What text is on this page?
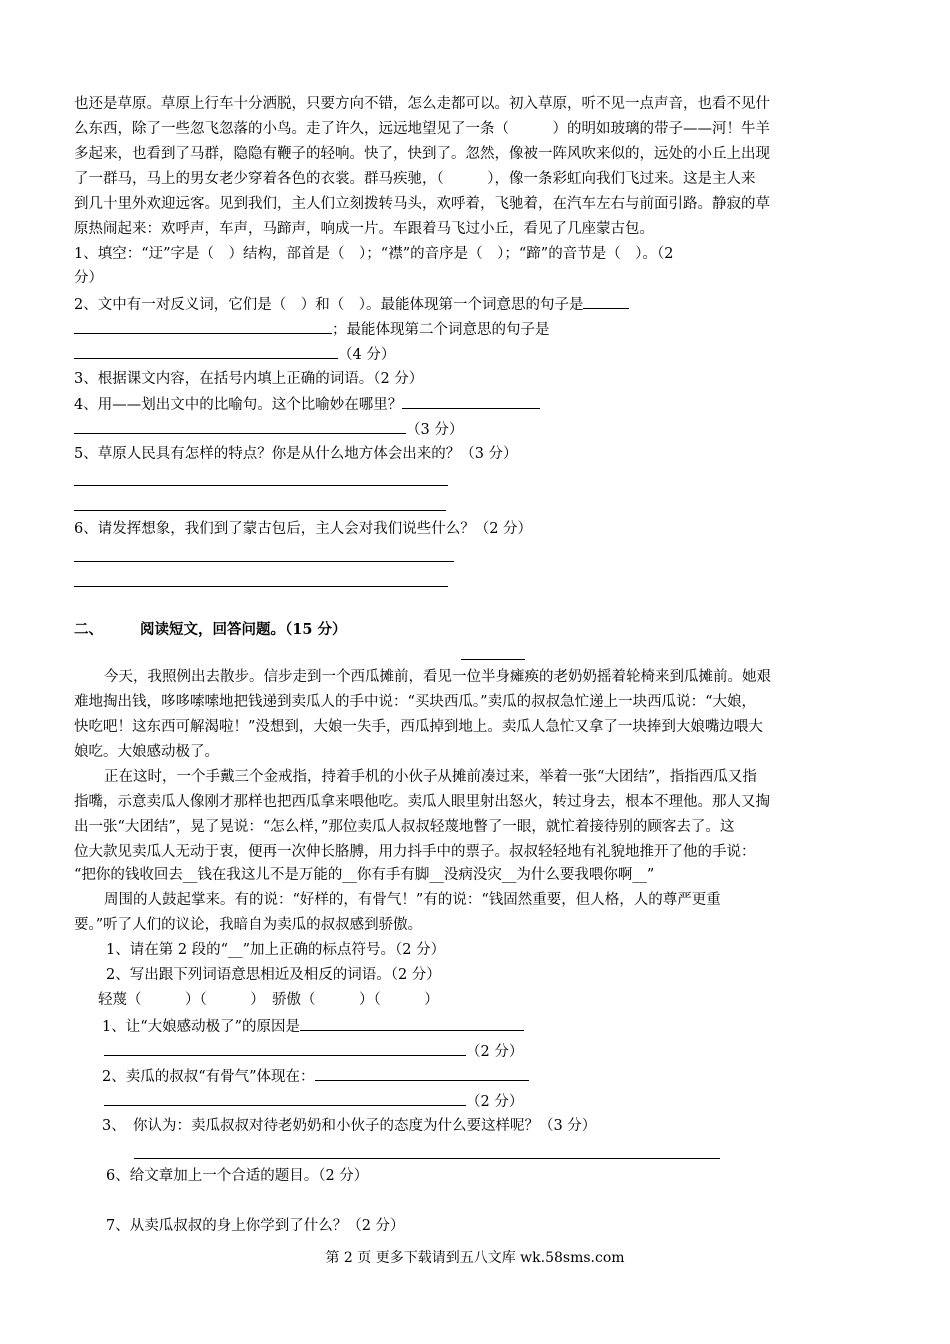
也还是草原。草原上行车十分洒脱，只要方向不错，怎么走都可以。初入草原，听不见一点声音，也看不见什
么东西，除了一些忽飞忽落的小鸟。走了许久，远远地望见了一条（　　　）的明如玻璃的带子——河！牛羊
多起来，也看到了马群，隐隐有鞭子的轻响。快了，快到了。忽然，像被一阵风吹来似的，远处的小丘上出现
了一群马，马上的男女老少穿着各色的衣裳。群马疾驰，（　　　），像一条彩虹向我们飞过来。这是主人来
到几十里外欢迎远客。见到我们，主人们立刻拨转马头，欢呼着，飞驰着，在汽车左右与前面引路。静寂的草
原热闹起来：欢呼声，车声，马蹄声，响成一片。车跟着马飞过小丘，看见了几座蒙古包。
1、填空：“迂”字是（　）结构，部首是（　）；“襟”的音序是（　）；“蹄”的音节是（　）。（2
分）
2、文中有一对反义词，它们是（　）和（　）。最能体现第一个词意思的句子是
；最能体现第二个词意思的句子是
（4 分）
3、根据课文内容，在括号内填上正确的词语。（2 分）
4、用——划出文中的比喻句。这个比喻妙在哪里？
（3 分）
5、草原人民具有怎样的特点？你是从什么地方体会出来的？（3 分）
6、请发挥想象，我们到了蒙古包后，主人会对我们说些什么？（2 分）
二、	阅读短文，回答问题。（15 分）
今天，我照例出去散步。信步走到一个西瓜摊前，看见一位半身瘫痪的老奶奶摇着轮椅来到瓜摊前。她艰
难地掏出钱，哆哆嗦嗦地把钱递到卖瓜人的手中说：“买块西瓜。”卖瓜的叔叔急忙递上一块西瓜说：“大娘，
快吃吧！这东西可解渴啦！”没想到，大娘一失手，西瓜掉到地上。卖瓜人急忙又拿了一块捧到大娘嘴边喂大
娘吃。大娘感动极了。
正在这时，一个手戴三个金戒指，持着手机的小伙子从摊前凑过来，举着一张“大团结”，指指西瓜又指
指嘴，示意卖瓜人像刚才那样也把西瓜拿来喂他吃。卖瓜人眼里射出怒火，转过身去，根本不理他。那人又掏
出一张“大团结”，晃了晃说：“怎么样，”那位卖瓜人叔叔轻蔑地瞥了一眼，就忙着接待别的顾客去了。这
位大款见卖瓜人无动于衷，便再一次伸长胳膊，用力抖手中的票子。叔叔轻轻地有礼貌地推开了他的手说：
“把你的钱收回去__钱在我这儿不是万能的__你有手有脚__没病没灾__为什么要我喂你啊__”
周围的人鼓起掌来。有的说：“好样的，有骨气！”有的说：“钱固然重要，但人格，人的尊严更重
要。”听了人们的议论，我暗自为卖瓜的叔叔感到骄傲。
1、请在第 2 段的“__”加上正确的标点符号。（2 分）
2、写出跟下列词语意思相近及相反的词语。（2 分）
轻蔑（　　　）（　　　）　骄傲（　　　）（　　　）
1、让“大娘感动极了”的原因是
（2 分）
2、卖瓜的叔叔“有骨气”体现在：
（2 分）
3、　你认为：卖瓜叔叔对待老奶奶和小伙子的态度为什么要这样呢？（3 分）
6、给文章加上一个合适的题目。（2 分）
7、从卖瓜叔叔的身上你学到了什么？（2 分）
第 2 页 更多下载请到五八文库 wk.58sms.com
